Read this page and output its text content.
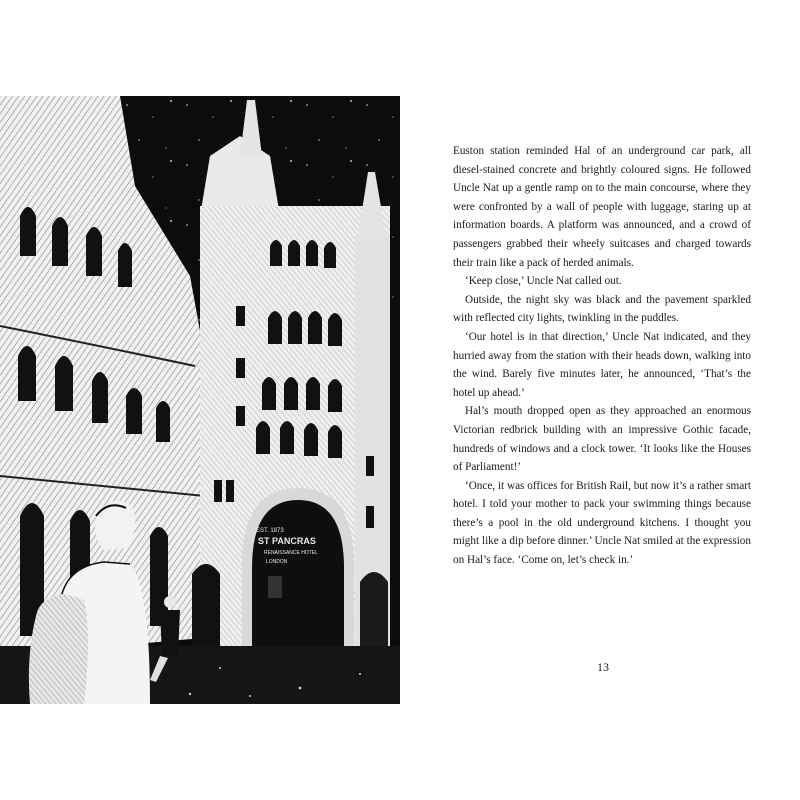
EST. 1873
ST PANCRAS
RENAISSANCE HOTEL
LONDON

Euston station reminded Hal of an underground car park, all diesel-stained concrete and brightly coloured signs. He followed Uncle Nat up a gentle ramp on to the main concourse, where they were confronted by a wall of people with luggage, staring up at information boards. A platform was announced, and a crowd of passengers grabbed their wheely suitcases and charged towards their train like a pack of herded animals.

‘Keep close,’ Uncle Nat called out.

Outside, the night sky was black and the pavement sparkled with reflected city lights, twinkling in the puddles.

‘Our hotel is in that direction,’ Uncle Nat indicated, and they hurried away from the station with their heads down, walking into the wind. Barely five minutes later, he announced, ‘That’s the hotel up ahead.’

Hal’s mouth dropped open as they approached an enormous Victorian redbrick building with an impressive Gothic facade, hundreds of windows and a clock tower. ‘It looks like the Houses of Parliament!’

‘Once, it was offices for British Rail, but now it’s a rather smart hotel. I told your mother to pack your swimming things because there’s a pool in the old underground kitchens. I thought you might like a dip before dinner.’ Uncle Nat smiled at the expression on Hal’s face. ‘Come on, let’s check in.’

13
